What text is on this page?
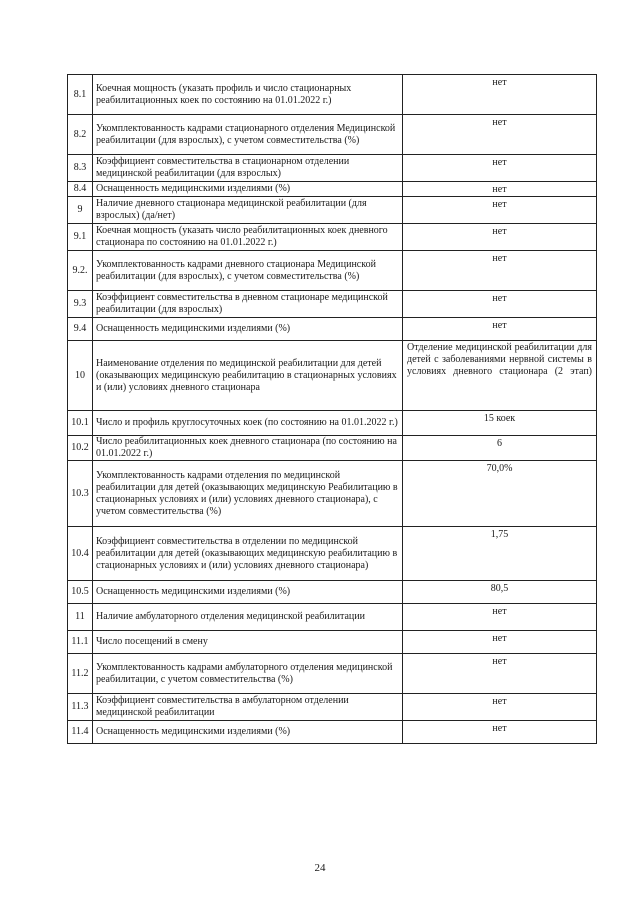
8.1	Коечная мощность (указать профиль и число стационарных реабилитационных коек по состоянию на 01.01.2022 г.)	нет
8.2	Укомплектованность кадрами стационарного отделения Медицинской реабилитации (для взрослых), с учетом совместительства (%)	нет
8.3	Коэффициент совместительства в стационарном отделении медицинской реабилитации (для взрослых)	нет
8.4	Оснащенность медицинскими изделиями (%)	нет
9	Наличие дневного стационара медицинской реабилитации (для взрослых) (да/нет)	нет
9.1	Коечная мощность (указать число реабилитационных коек дневного стационара по состоянию на 01.01.2022 г.)	нет
9.2.	Укомплектованность кадрами дневного стационара Медицинской реабилитации (для взрослых), с учетом совместительства (%)	нет
9.3	Коэффициент совместительства в дневном стационаре медицинской реабилитации (для взрослых)	нет
9.4	Оснащенность медицинскими изделиями (%)	нет
10	Наименование отделения по медицинской реабилитации для детей (оказывающих медицинскую реабилитацию в стационарных условиях и (или) условиях дневного стационара	Отделение медицинской реабилитации для детей с заболеваниями нервной системы в условиях дневного стационара (2 этап)
10.1	Число и профиль круглосуточных коек (по состоянию на 01.01.2022 г.)	15 коек
10.2	Число реабилитационных коек дневного стационара (по состоянию на 01.01.2022 г.)	6
10.3	Укомплектованность кадрами отделения по медицинской реабилитации для детей (оказывающих медицинскую Реабилитацию в стационарных условиях и (или) условиях дневного стационара), с учетом совместительства (%)	70,0%
10.4	Коэффициент совместительства в отделении по медицинской реабилитации для детей (оказывающих медицинскую реабилитацию в стационарных условиях и (или) условиях дневного стационара)	1,75
10.5	Оснащенность медицинскими изделиями (%)	80,5
11	Наличие амбулаторного отделения медицинской реабилитации	нет
11.1	Число посещений в смену	нет
11.2	Укомплектованность кадрами амбулаторного отделения медицинской реабилитации, с учетом совместительства (%)	нет
11.3	Коэффициент совместительства в амбулаторном отделении медицинской реабилитации	нет
11.4	Оснащенность медицинскими изделиями (%)	нет
24
